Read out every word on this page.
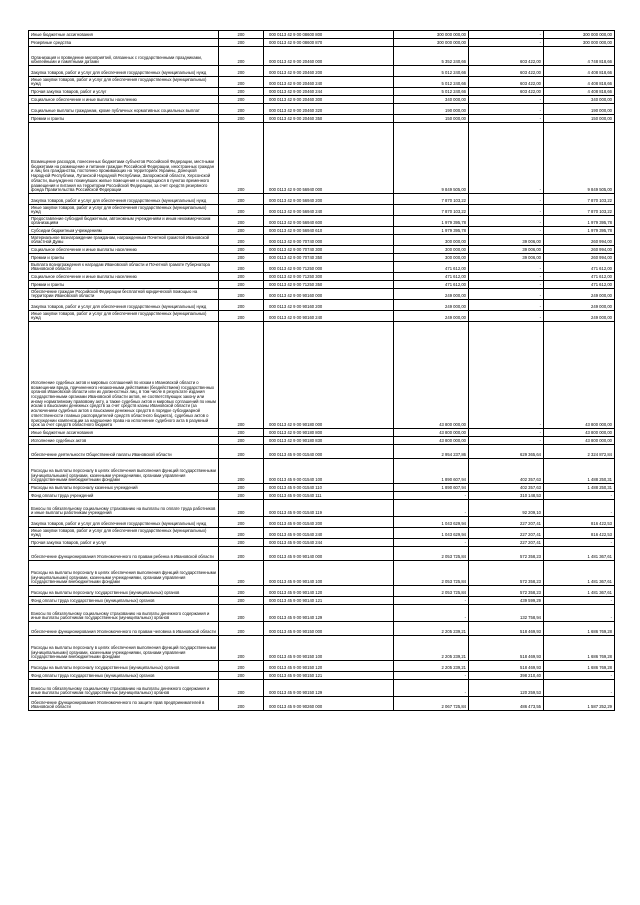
Иные бюджетные ассигнования	200	000 0113 42 9 00 08600 800	300 000 000,00	-	300 000 000,00
Резервные средства	200	000 0113 42 9 00 08600 870	300 000 000,00	-	300 000 000,00
Организация и проведение мероприятий, связанных с государственными праздниками, юбилейными и памятными датами	200	000 0113 42 9 00 20460 000	5 352 240,66	603 422,00	4 748 818,66
Закупка товаров, работ и услуг для обеспечения государственных (муниципальных) нужд	200	000 0113 42 9 00 20460 200	5 012 240,66	603 422,00	4 408 818,66
Иные закупки товаров, работ и услуг для обеспечения государственных (муниципальных) нужд	200	000 0113 42 9 00 20460 240	5 012 240,66	603 422,00	4 408 818,66
Прочая закупка товаров, работ и услуг	200	000 0113 42 9 00 20460 244	5 012 240,66	603 422,00	4 408 818,66
Социальное обеспечение и иные выплаты населению	200	000 0113 42 9 00 20460 300	340 000,00	-	340 000,00
Социальные выплаты гражданам, кроме публичных нормативных социальных выплат	200	000 0113 42 9 00 20460 320	190 000,00	-	190 000,00
Премии и гранты	200	000 0113 42 9 00 20460 350	150 000,00	-	150 000,00
Возмещение расходов, понесенных бюджетами субъектов Российской Федерации, местными бюджетами на размещение и питание граждан Российской Федерации, иностранных граждан и лиц без гражданства, постоянно проживающих на территориях Украины, Донецкой Народной Республики, Луганской Народной Республики, Запорожской области, Херсонской области, вынужденно покинувших жилые помещения и находящихся в пунктах временного размещения и питания на территории Российской Федерации, за счет средств резервного фонда Правительства Российской Федерации	200	000 0113 42 9 00 56940 000	9 849 505,00	-	9 849 505,00
Закупка товаров, работ и услуг для обеспечения государственных (муниципальных) нужд	200	000 0113 42 9 00 56940 200	7 870 103,22	-	7 870 103,22
Иные закупки товаров, работ и услуг для обеспечения государственных (муниципальных) нужд	200	000 0113 42 9 00 56940 240	7 870 103,22	-	7 870 103,22
Предоставление субсидий бюджетным, автономным учреждениям и иным некоммерческим организациям	200	000 0113 42 9 00 56940 600	1 979 395,78	-	1 979 395,78
Субсидии бюджетным учреждениям	200	000 0113 42 9 00 56940 610	1 979 395,78	-	1 979 395,78
Материальное вознаграждение гражданам, награжденным Почетной грамотой Ивановской областной Думы	200	000 0113 42 9 00 70740 000	300 000,00	39 006,00	260 994,00
Социальное обеспечение и иные выплаты населению	200	000 0113 42 9 00 70740 300	300 000,00	39 006,00	260 994,00
Премии и гранты	200	000 0113 42 9 00 70740 350	300 000,00	39 006,00	260 994,00
Выплата вознаграждения к наградам Ивановской области и Почетной грамоте Губернатора Ивановской области	200	000 0113 42 9 00 71250 000	471 612,00	-	471 612,00
Социальное обеспечение и иные выплаты населению	200	000 0113 42 9 00 71250 300	471 612,00	-	471 612,00
Премии и гранты	200	000 0113 42 9 00 71250 350	471 612,00	-	471 612,00
Обеспечение граждан Российской Федерации бесплатной юридической помощью на территории Ивановской области	200	000 0113 42 9 00 90160 000	249 000,00	-	249 000,00
Закупка товаров, работ и услуг для обеспечения государственных (муниципальных) нужд	200	000 0113 42 9 00 90160 200	249 000,00	-	249 000,00
Иные закупки товаров, работ и услуг для обеспечения государственных (муниципальных) нужд	200	000 0113 42 9 00 90160 240	249 000,00	-	249 000,00
Исполнение судебных актов и мировых соглашений по искам к Ивановской области о возмещении вреда, причиненного незаконными действиями (бездействием) государственных органов Ивановской области или их должностных лиц, в том числе в результате издания государственными органами Ивановской области актов, не соответствующих закону или иному нормативному правовому акту, а также судебных актов и мировых соглашений по иным искам о взыскании денежных средств за счет средств казны Ивановской области (за исключением судебных актов о взыскании денежных средств в порядке субсидиарной ответственности главных распорядителей средств областного бюджета), судебных актов о присуждении компенсации за нарушение права на исполнение судебного акта в разумный срок за счет средств областного бюджета	200	000 0113 42 9 00 90180 000	43 800 000,00	-	43 800 000,00
Иные бюджетные ассигнования	200	000 0113 42 9 00 90180 800	43 800 000,00	-	43 800 000,00
Исполнение судебных актов	200	000 0113 42 9 00 90180 830	43 800 000,00	-	43 800 000,00
Обеспечение деятельности Общественной палаты Ивановской области	200	000 0113 45 9 00 01540 000	2 954 237,86	629 365,64	2 324 872,84
Расходы на выплаты персоналу в целях обеспечения выполнения функций государственными (муниципальными) органами, казенными учреждениями, органами управления государственными внебюджетными фондами	200	000 0113 45 9 00 01540 100	1 890 607,94	402 357,63	1 488 250,31
Расходы на выплаты персоналу казенных учреждений	200	000 0113 45 9 00 01540 110	1 890 607,94	402 357,63	1 488 250,31
Фонд оплаты труда учреждений	200	000 0113 45 9 00 01540 111	-	310 148,53	-
Взносы по обязательному социальному страхованию на выплаты по оплате труда работников и иные выплаты работникам учреждений	200	000 0113 45 9 00 01540 119	-	92 209,10	-
Закупка товаров, работ и услуг для обеспечения государственных (муниципальных) нужд	200	000 0113 45 9 00 01540 200	1 043 629,94	227 207,41	816 422,53
Иные закупки товаров, работ и услуг для обеспечения государственных (муниципальных) нужд	200	000 0113 45 9 00 01540 240	1 043 629,94	227 207,41	816 422,53
Прочая закупка товаров, работ и услуг	200	000 0113 45 9 00 01540 244	-	227 207,41	-
Обеспечение функционирования Уполномоченного по правам ребенка в Ивановской области	200	000 0113 45 9 00 90140 000	2 053 725,84	572 358,23	1 481 367,61
Расходы на выплаты персоналу в целях обеспечения выполнения функций государственными (муниципальными) органами, казенными учреждениями, органами управления государственными внебюджетными фондами	200	000 0113 45 9 00 90140 100	2 053 725,84	572 358,23	1 481 367,61
Расходы на выплаты персоналу государственных (муниципальных) органов	200	000 0113 45 9 00 90140 120	2 053 725,84	572 358,23	1 481 367,61
Фонд оплаты труда государственных (муниципальных) органов	200	000 0113 45 9 00 90140 121	-	439 599,29	-
Взносы по обязательному социальному страхованию на выплаты денежного содержания и иные выплаты работникам государственных (муниципальных) органов	200	000 0113 45 9 00 90140 129	-	132 758,94	-
Обеспечение функционирования Уполномоченного по правам человека в Ивановской области	200	000 0113 45 9 00 90150 000	2 205 239,21	518 469,93	1 686 769,28
Расходы на выплаты персоналу в целях обеспечения выполнения функций государственными (муниципальными) органами, казенными учреждениями, органами управления государственными внебюджетными фондами	200	000 0113 45 9 00 90150 100	2 205 239,21	518 469,93	1 686 769,28
Расходы на выплаты персоналу государственных (муниципальных) органов	200	000 0113 45 9 00 90150 120	2 205 239,21	518 469,93	1 686 769,28
Фонд оплаты труда государственных (муниципальных) органов	200	000 0113 45 9 00 90150 121	-	398 210,40	-
Взносы по обязательному социальному страхованию на выплаты денежного содержания и иные выплаты работникам государственных (муниципальных) органов	200	000 0113 45 9 00 90150 129	-	120 259,53	-
Обеспечение функционирования Уполномоченного по защите прав предпринимателей в Ивановской области	200	000 0113 45 9 00 90260 000	2 067 725,84	486 473,55	1 587 252,29
